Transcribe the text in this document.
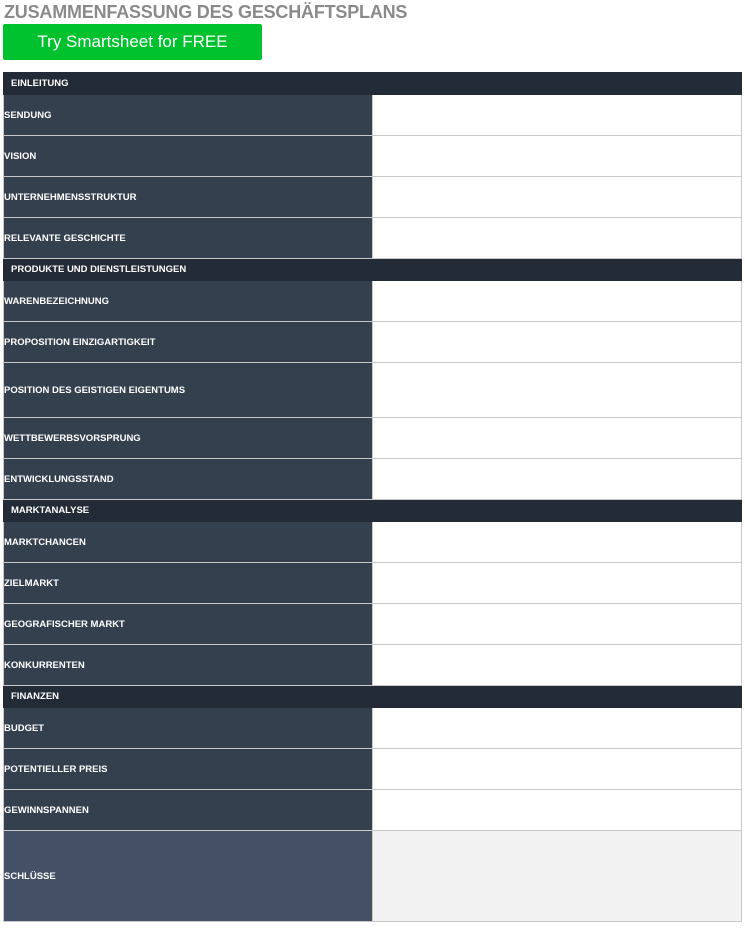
ZUSAMMENFASSUNG DES GESCHÄFTSPLANS
Try Smartsheet for FREE
EINLEITUNG	
SENDUNG	
VISION	
UNTERNEHMENSSTRUKTUR	
RELEVANTE GESCHICHTE	
PRODUKTE UND DIENSTLEISTUNGEN	
WARENBEZEICHNUNG	
PROPOSITION EINZIGARTIGKEIT	
POSITION DES GEISTIGEN EIGENTUMS	
WETTBEWERBSVORSPRUNG	
ENTWICKLUNGSSTAND	
MARKTANALYSE	
MARKTCHANCEN	
ZIELMARKT	
GEOGRAFISCHER MARKT	
KONKURRENTEN	
FINANZEN	
BUDGET	
POTENTIELLER PREIS	
GEWINNSPANNEN	
SCHLÜSSE	
